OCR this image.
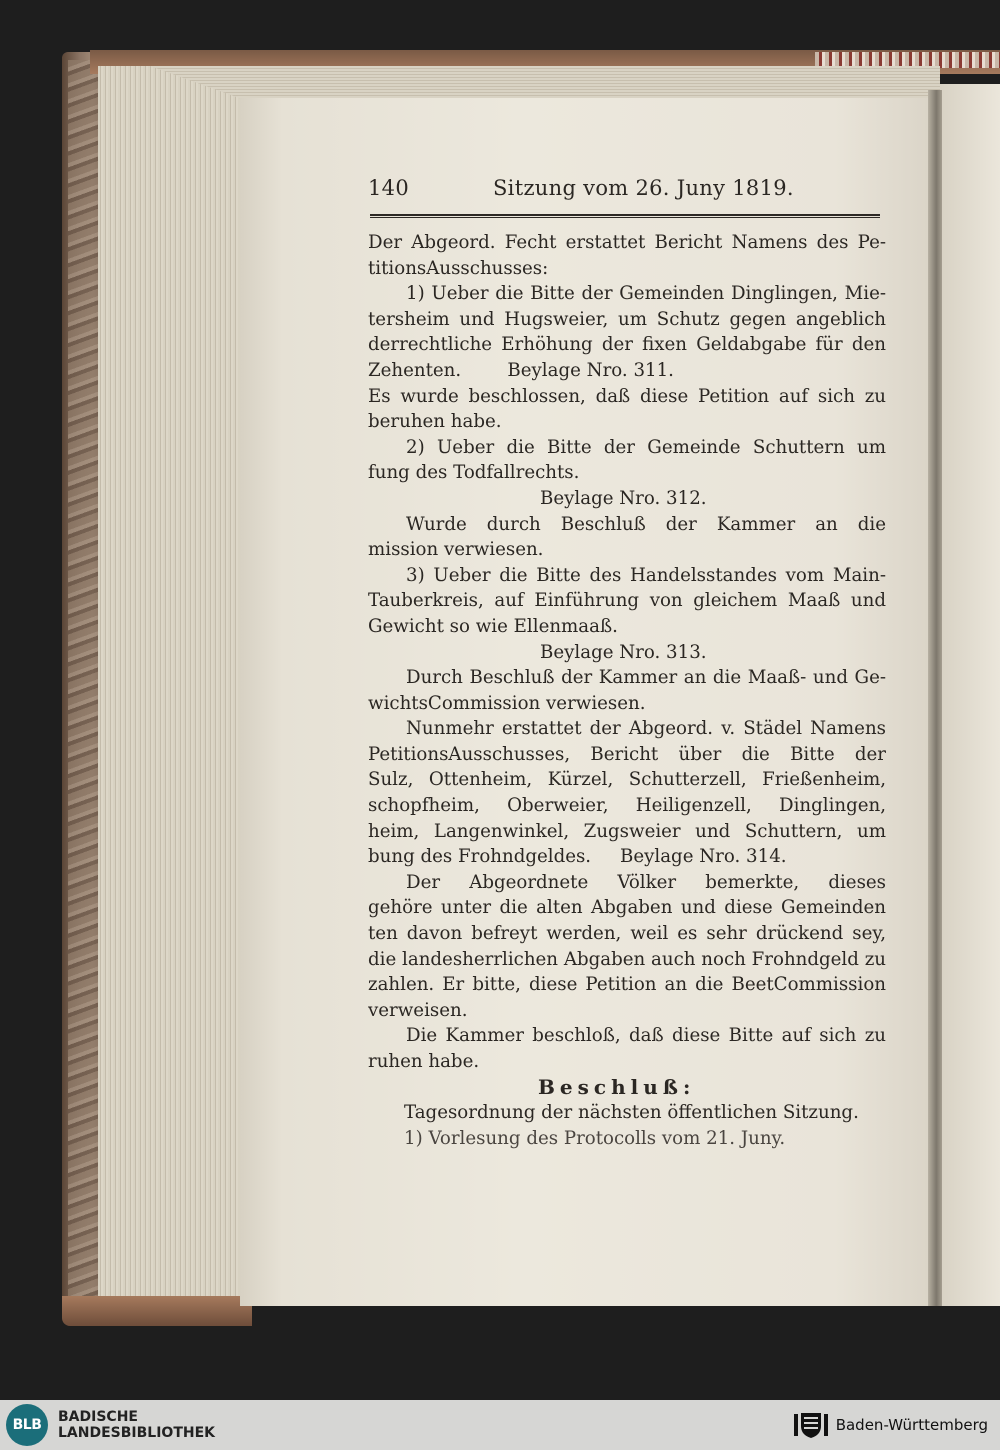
140	Sitzung vom 26. Juny 1819.
Der Abgeord. Fecht erstattet Bericht Namens des Pe-
titionsAusschusses:
1) Ueber die Bitte der Gemeinden Dinglingen, Mie-
tersheim und Hugsweier, um Schutz gegen angeblich
derrechtliche Erhöhung der fixen Geldabgabe für den
Zehenten.        Beylage Nro. 311.
Es wurde beschlossen, daß diese Petition auf sich zu
beruhen habe.
2) Ueber die Bitte der Gemeinde Schuttern um
fung des Todfallrechts.
Beylage Nro. 312.
Wurde durch Beschluß der Kammer an die
mission verwiesen.
3) Ueber die Bitte des Handelsstandes vom Main-
Tauberkreis, auf Einführung von gleichem Maaß und
Gewicht so wie Ellenmaaß.
Beylage Nro. 313.
Durch Beschluß der Kammer an die Maaß- und Ge-
wichtsCommission verwiesen.
Nunmehr erstattet der Abgeord. v. Städel Namens
PetitionsAusschusses, Bericht über die Bitte der
Sulz, Ottenheim, Kürzel, Schutterzell, Frießenheim,
schopfheim, Oberweier, Heiligenzell, Dinglingen,
heim, Langenwinkel, Zugsweier und Schuttern, um
bung des Frohndgeldes.     Beylage Nro. 314.
Der Abgeordnete Völker bemerkte, dieses
gehöre unter die alten Abgaben und diese Gemeinden
ten davon befreyt werden, weil es sehr drückend sey,
die landesherrlichen Abgaben auch noch Frohndgeld zu
zahlen. Er bitte, diese Petition an die BeetCommission
verweisen.
Die Kammer beschloß, daß diese Bitte auf sich zu
ruhen habe.
Beschluß:
Tagesordnung der nächsten öffentlichen Sitzung.
1) Vorlesung des Protocolls vom 21. Juny.
BLB BADISCHE
LANDESBIBLIOTHEK	Baden-Württemberg
